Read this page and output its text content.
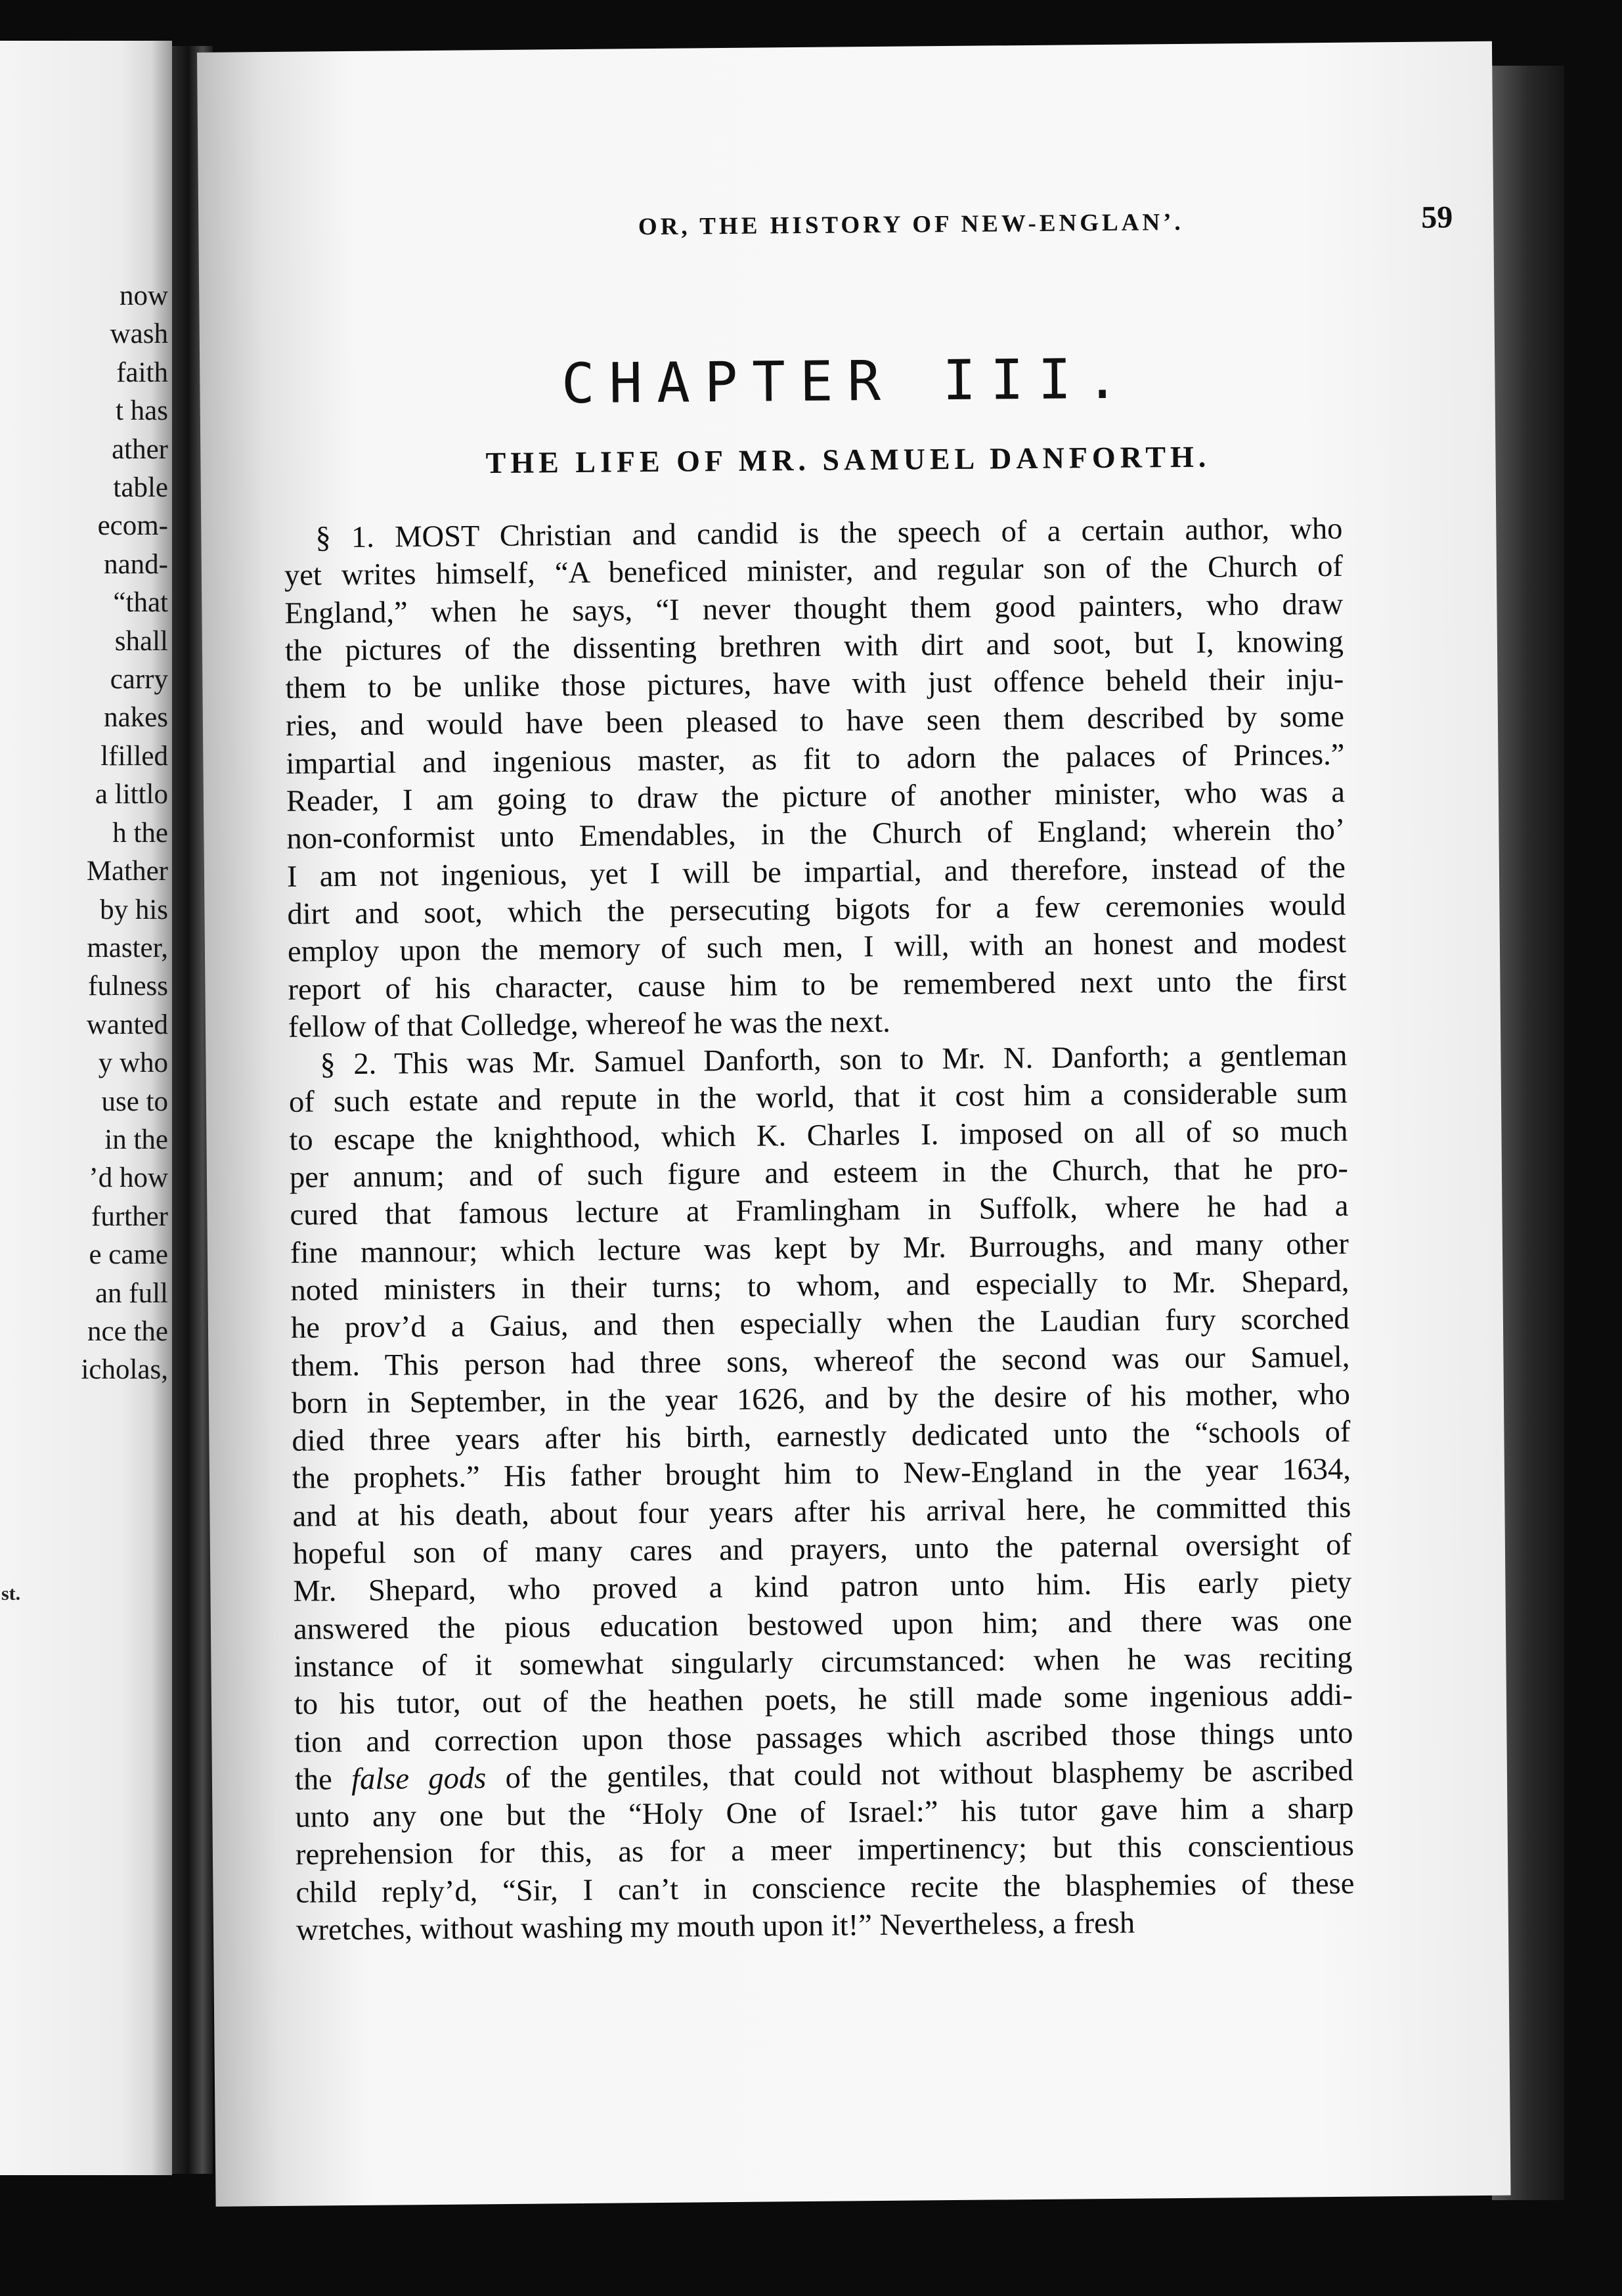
now
wash
faith
t has
ather
table
ecom-
nand-
“that
shall
carry
nakes
lfilled
a littlo
h the
Mather
by his
master,
fulness
wanted
y who
use to
in the
’d how
further
e came
an full
nce the
icholas,
st.
OR, THE HISTORY OF NEW-ENGLAN’.	59
CHAPTER III.
THE LIFE OF MR. SAMUEL DANFORTH.
§ 1. MOST Christian and candid is the speech of a certain author, who
yet writes himself, “A beneficed minister, and regular son of the Church of
England,” when he says, “I never thought them good painters, who draw
the pictures of the dissenting brethren with dirt and soot, but I, knowing
them to be unlike those pictures, have with just offence beheld their inju-
ries, and would have been pleased to have seen them described by some
impartial and ingenious master, as fit to adorn the palaces of Princes.”
Reader, I am going to draw the picture of another minister, who was a
non-conformist unto Emendables, in the Church of England; wherein tho’
I am not ingenious, yet I will be impartial, and therefore, instead of the
dirt and soot, which the persecuting bigots for a few ceremonies would
employ upon the memory of such men, I will, with an honest and modest
report of his character, cause him to be remembered next unto the first
fellow of that Colledge, whereof he was the next.
§ 2. This was Mr. Samuel Danforth, son to Mr. N. Danforth; a gentleman
of such estate and repute in the world, that it cost him a considerable sum
to escape the knighthood, which K. Charles I. imposed on all of so much
per annum; and of such figure and esteem in the Church, that he pro-
cured that famous lecture at Framlingham in Suffolk, where he had a
fine mannour; which lecture was kept by Mr. Burroughs, and many other
noted ministers in their turns; to whom, and especially to Mr. Shepard,
he prov’d a Gaius, and then especially when the Laudian fury scorched
them. This person had three sons, whereof the second was our Samuel,
born in September, in the year 1626, and by the desire of his mother, who
died three years after his birth, earnestly dedicated unto the “schools of
the prophets.” His father brought him to New-England in the year 1634,
and at his death, about four years after his arrival here, he committed this
hopeful son of many cares and prayers, unto the paternal oversight of
Mr. Shepard, who proved a kind patron unto him. His early piety
answered the pious education bestowed upon him; and there was one
instance of it somewhat singularly circumstanced: when he was reciting
to his tutor, out of the heathen poets, he still made some ingenious addi-
tion and correction upon those passages which ascribed those things unto
the false gods of the gentiles, that could not without blasphemy be ascribed
unto any one but the “Holy One of Israel:” his tutor gave him a sharp
reprehension for this, as for a meer impertinency; but this conscientious
child reply’d, “Sir, I can’t in conscience recite the blasphemies of these
wretches, without washing my mouth upon it!” Nevertheless, a fresh
